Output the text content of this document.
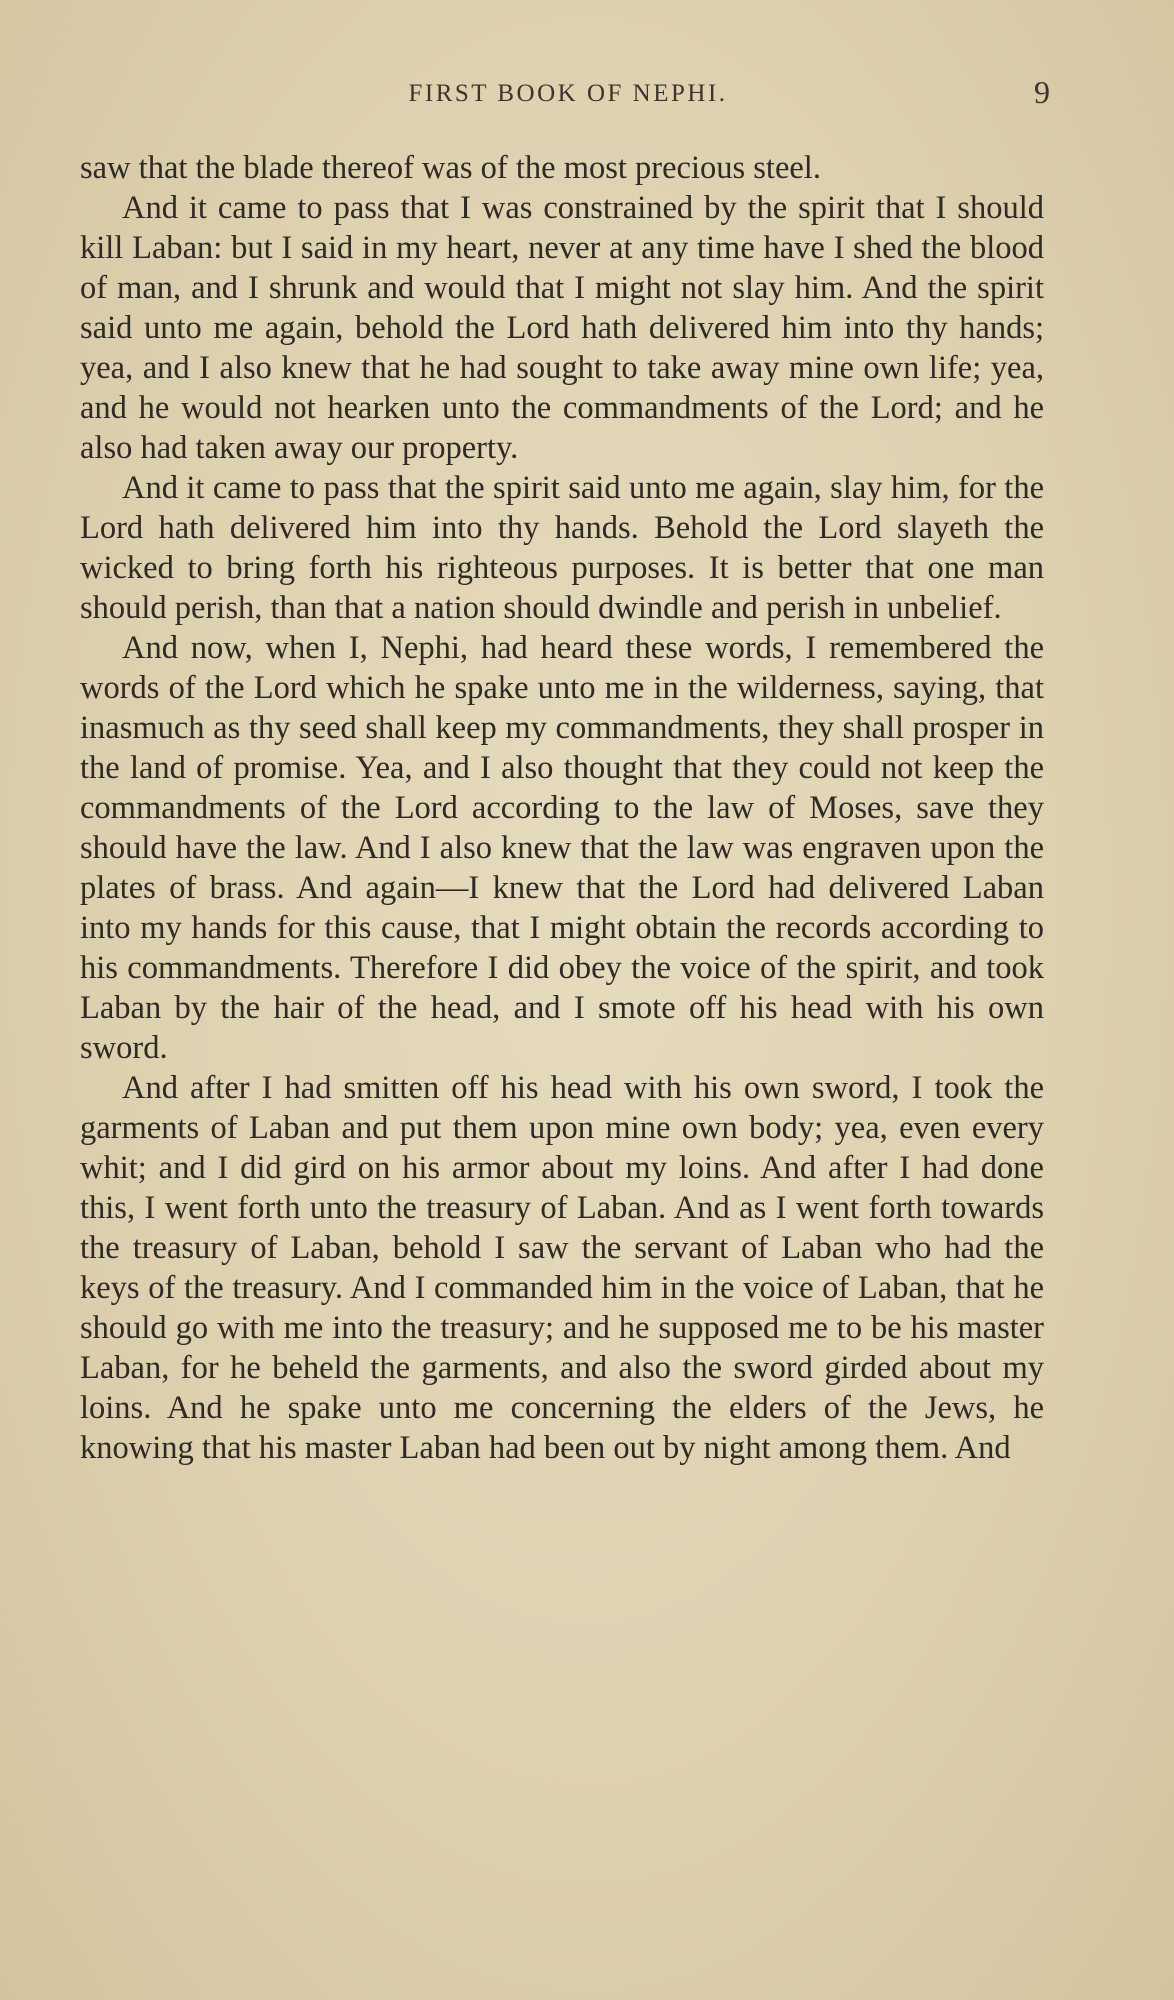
FIRST BOOK OF NEPHI.	9

saw that the blade thereof was of the most precious steel.

And it came to pass that I was constrained by the spirit that I should kill Laban: but I said in my heart, never at any time have I shed the blood of man, and I shrunk and would that I might not slay him. And the spirit said unto me again, behold the Lord hath delivered him into thy hands; yea, and I also knew that he had sought to take away mine own life; yea, and he would not hearken unto the commandments of the Lord; and he also had taken away our property.

And it came to pass that the spirit said unto me again, slay him, for the Lord hath delivered him into thy hands. Behold the Lord slayeth the wicked to bring forth his righteous purposes. It is better that one man should perish, than that a nation should dwindle and perish in unbelief.

And now, when I, Nephi, had heard these words, I remembered the words of the Lord which he spake unto me in the wilderness, saying, that inasmuch as thy seed shall keep my commandments, they shall prosper in the land of promise. Yea, and I also thought that they could not keep the commandments of the Lord according to the law of Moses, save they should have the law. And I also knew that the law was engraven upon the plates of brass. And again—I knew that the Lord had delivered Laban into my hands for this cause, that I might obtain the records according to his commandments. Therefore I did obey the voice of the spirit, and took Laban by the hair of the head, and I smote off his head with his own sword.

And after I had smitten off his head with his own sword, I took the garments of Laban and put them upon mine own body; yea, even every whit; and I did gird on his armor about my loins. And after I had done this, I went forth unto the treasury of Laban. And as I went forth towards the treasury of Laban, behold I saw the servant of Laban who had the keys of the treasury. And I commanded him in the voice of Laban, that he should go with me into the treasury; and he supposed me to be his master Laban, for he beheld the garments, and also the sword girded about my loins. And he spake unto me concerning the elders of the Jews, he knowing that his master Laban had been out by night among them. And
